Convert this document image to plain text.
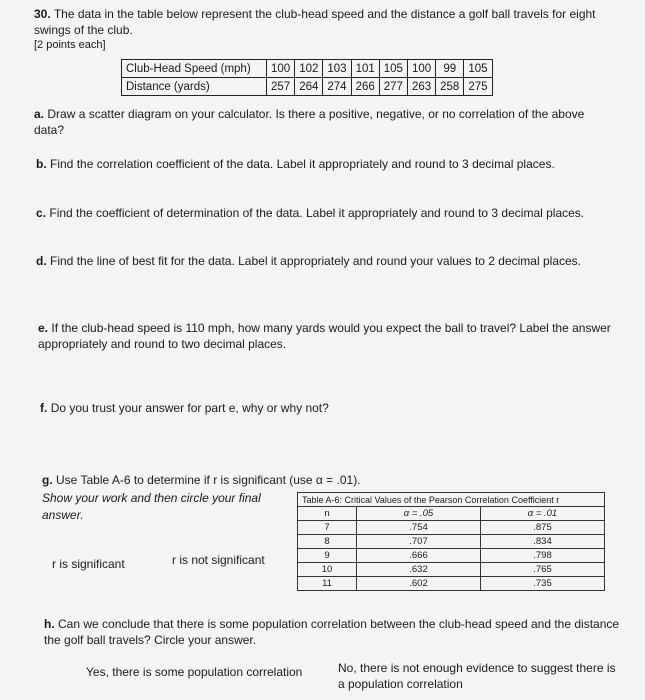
30. The data in the table below represent the club-head speed and the distance a golf ball travels for eight
swings of the club.
[2 points each]
Club-Head Speed (mph)	100	102	103	101	105	100	99	105
Distance (yards)	257	264	274	266	277	263	258	275
a. Draw a scatter diagram on your calculator. Is there a positive, negative, or no correlation of the above
data?
b. Find the correlation coefficient of the data. Label it appropriately and round to 3 decimal places.
c. Find the coefficient of determination of the data. Label it appropriately and round to 3 decimal places.
d. Find the line of best fit for the data. Label it appropriately and round your values to 2 decimal places.
e. If the club-head speed is 110 mph, how many yards would you expect the ball to travel? Label the answer
appropriately and round to two decimal places.
f. Do you trust your answer for part e, why or why not?
g. Use Table A-6 to determine if r is significant (use α = .01).
Show your work and then circle your final
answer.
r is significant	r is not significant
Table A-6: Critical Values of the Pearson Correlation Coefficient r		
n	α = .05	α = .01
7	.754	.875
8	.707	.834
9	.666	.798
10	.632	.765
11	.602	.735
h. Can we conclude that there is some population correlation between the club-head speed and the distance
the golf ball travels? Circle your answer.
Yes, there is some population correlation	No, there is not enough evidence to suggest there is
a population correlation
